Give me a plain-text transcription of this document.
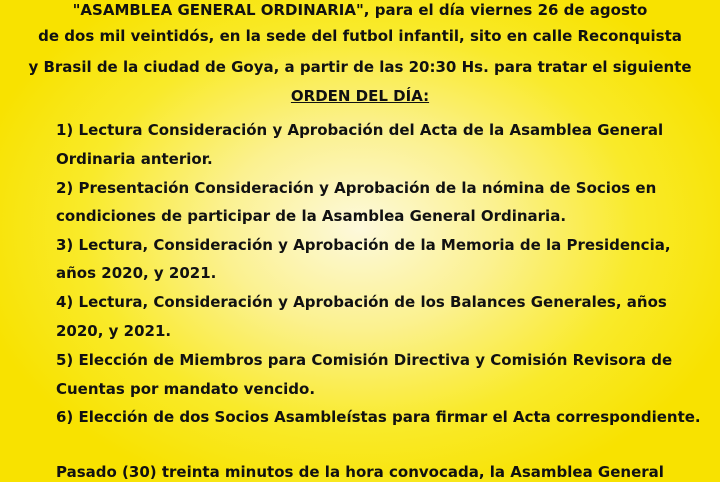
"ASAMBLEA GENERAL ORDINARIA", para el día viernes 26 de agosto
de dos mil veintidós, en la sede del futbol infantil, sito en calle Reconquista
y Brasil de la ciudad de Goya, a partir de las 20:30 Hs. para tratar el siguiente
ORDEN DEL DÍA:
1) Lectura Consideración y Aprobación del Acta de la Asamblea General
Ordinaria anterior.
2) Presentación Consideración y Aprobación de la nómina de Socios en
condiciones de participar de la Asamblea General Ordinaria.
3) Lectura, Consideración y Aprobación de la Memoria de la Presidencia,
años 2020, y 2021.
4) Lectura, Consideración y Aprobación de los Balances Generales, años
2020, y 2021.
5) Elección de Miembros para Comisión Directiva y Comisión Revisora de
Cuentas por mandato vencido.
6) Elección de dos Socios Asambleístas para firmar el Acta correspondiente.
Pasado (30) treinta minutos de la hora convocada, la Asamblea General
